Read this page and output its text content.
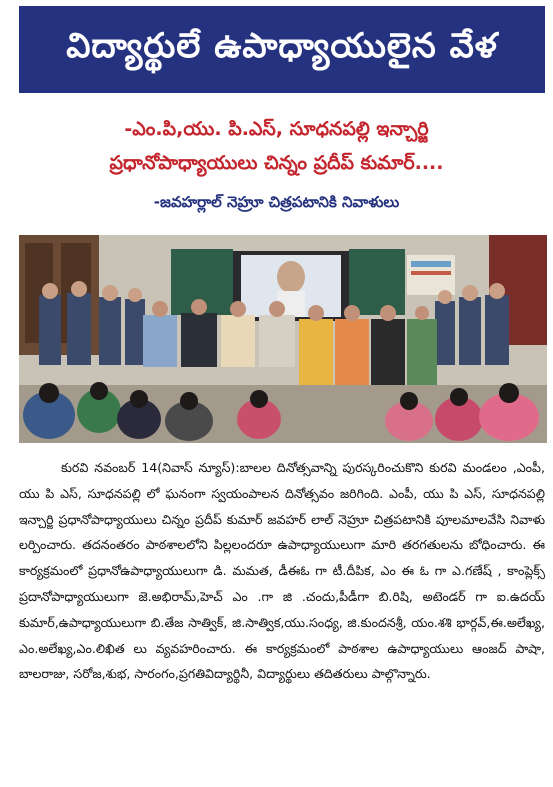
విద్యార్థులే ఉపాధ్యాయులైన వేళ
-ఎం.పి,యు. పి.ఎస్, సూధనపల్లి ఇన్చార్జి
ప్రధానోపాధ్యాయులు చిన్నం ప్రదీప్ కుమార్....
-జవహర్లాల్ నెహ్రూ చిత్రపటానికి నివాళులు

కురవి నవంబర్ 14(నివాస్ న్యూస్):బాలల దినోత్సవాన్ని పురస్కరించుకొని కురవి మండలం ,ఎంపీ, యు పి ఎస్, సూధనపల్లి లో ఘనంగా స్వయంపాలన దినోత్సవం జరిగింది. ఎంపీ, యు పి ఎస్, సూధనపల్లి ఇన్చార్జి ప్రధానోపాధ్యాయులు చిన్నం ప్రదీప్ కుమార్ జవహర్ లాల్ నెహ్రూ చిత్రపటానికి పూలమాలవేసి నివాళు లర్పించారు. తదనంతరం పాఠశాలలోని పిల్లలందరూ ఉపాధ్యాయులుగా మారి తరగతులను బోధించారు. ఈ కార్యక్రమంలో ప్రధానోఉపాధ్యాయులుగా డి. మమత, డీఈఓ గా టీ.దీపిక, ఎం ఈ ఓ గా ఎ.గణేష్ , కాంప్లెక్స్ ప్రదానోపాధ్యాయులుగా జె.అభిరామ్,హెచ్ ఎం .గా జి .చందు,పీడీగా బి.రిషి, అటెండర్ గా ఐ.ఉదయ్ కుమార్,ఉపాధ్యాయులుగా బి.తేజ సాత్విక్, జి.సాత్విక,యు.సంధ్య, జి.కుందనశ్రీ, యం.శశి భార్గవ్,ఈ.అలేఖ్య, ఎం.అలేఖ్య,ఎం.లిఖిత లు వ్యవహరించారు. ఈ కార్యక్రమంలో పాఠశాల ఉపాధ్యాయులు ఆంజద్ పాషా, బాలరాజు, సరోజ,శుభ, సారంగం,ప్రగతివిద్యార్థినీ, విద్యార్థులు తదితరులు పాల్గొన్నారు.
